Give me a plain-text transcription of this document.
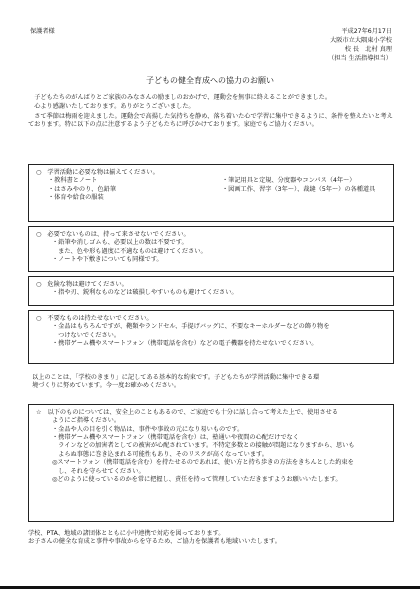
保護者様	平成27年6月17日
大阪市立大隅東小学校
校 長　北村 真理
（担当 生活指導担当）
子どもの健全育成への協力のお願い

子どもたちのがんばりとご家族のみなさんの励ましのおかげで、運動会を無事に終えることができました。

心より感謝いたしております。ありがとうございました。

さて季節は梅雨を迎えました。運動会で高揚した気持ちを静め、落ち着いた心で学習に集中できるように、条件を整えたいと考えております。特に以下の点に注意するよう子どもたちに呼びかけております。家庭でもご協力ください。

○ 学習活動に必要な物は揃えてください。
・教科書とノート	・筆記用具と定規、分度器やコンパス（4年～）
・はさみやのり、色鉛筆	・図画工作、習字（3年～）、裁縫（5年～）の各種道具
・体育や給食の服装
○ 必要でないものは、持って来させないでください。
・鉛筆や消しゴムも、必要以上の数は不要です。
　また、色や形も過度に不適なものは避けてください。
・ノートや下敷きについても同様です。
○ 危険な物は避けてください。
・指や刃、鋭利なものなどは破損しやすいものも避けてください。
○ 不要なものは持たせないでください。
・金品はもちろんですが、鞄類やランドセル、手提げバッグに、不要なキーホルダーなどの飾り物を
　つけないでください。
・携帯ゲーム機やスマートフォン（携帯電話を含む）などの電子機器を持たせないでください。
以上のことは、「学校のきまり」に記してある基本的な約束です。子どもたちが学習活動に集中できる環
境づくりに努めています。今一度お確かめください。
☆ 以下のものについては、安全上のこともあるので、ご家庭でも十分に話し合って考えた上で、使用させる
ようにご指導ください。
・金品や人の目を引く物品は、事件や事故の元になり易いものです。
・携帯ゲーム機やスマートフォン（携帯電話を含む）は、塾通いや夜間の心配だけでなく
　ラインなどの加害者としての被害が心配されています。不特定多数との接触が問題になりますから、思いも
　よらぬ事態に巻き込まれる可能性もあり、そのリスクが高くなっています。
◎スマートフォン（携帯電話を含む）を持たせるのであれば、使い方と持ち歩きの方法をきちんとした約束を
　し、それを守らせてください。
◎どのように使っているのかを常に把握し、責任を持って管理していただきますようお願いいたします。
学校、PTA、地域の諸団体とともに小中連携で対応を図っております。
お子さんの健全な育成と事件や事故からを守るため、ご協力を保護者も地域いいたします。
